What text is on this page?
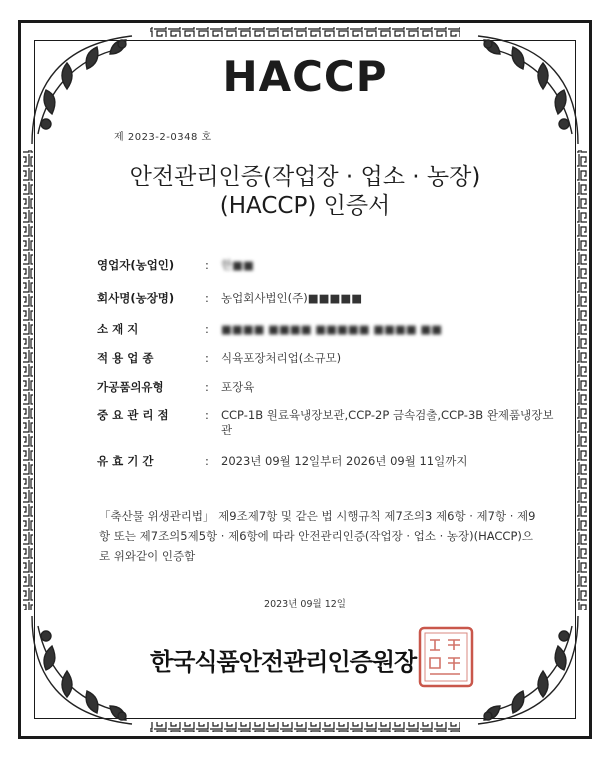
HACCP
제 2023-2-0348 호
안전관리인증(작업장 · 업소 · 농장)
(HACCP) 인증서
영업자(농업인)	:	한■■
회사명(농장명)	:	농업회사법인(주)■■■■■
소 재 지	:	■■■■ ■■■■ ■■■■■ ■■■■ ■■
적 용 업 종	:	식육포장처리업(소규모)
가공품의유형	:	포장육
중 요 관 리 점	:	CCP-1B 원료육냉장보관,CCP-2P 금속검출,CCP-3B 완제품냉장보관
유 효 기 간	:	2023년 09월 12일부터 2026년 09월 11일까지
「축산물 위생관리법」 제9조제7항 및 같은 법 시행규칙 제7조의3 제6항 · 제7항 · 제9항 또는 제7조의5제5항 · 제6항에 따라 안전관리인증(작업장 · 업소 · 농장)(HACCP)으로 위와같이 인증함
2023년 09월 12일
한국식품안전관리인증원장
